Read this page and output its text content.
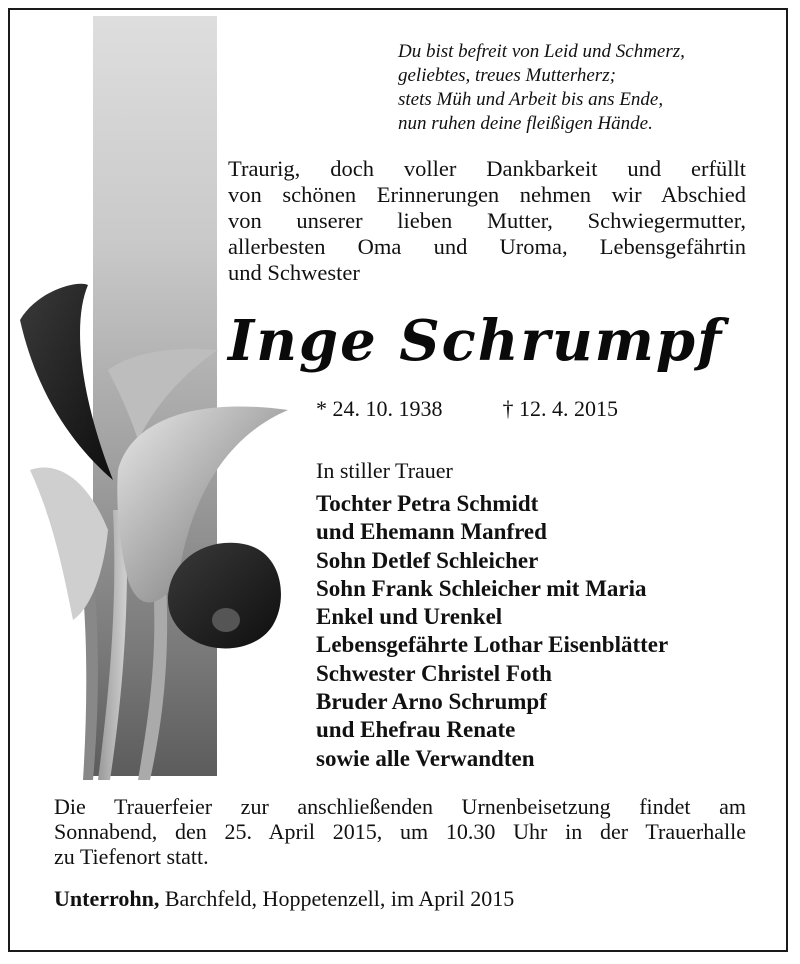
Du bist befreit von Leid und Schmerz,
geliebtes, treues Mutterherz;
stets Müh und Arbeit bis ans Ende,
nun ruhen deine fleißigen Hände.
Traurig, doch voller Dankbarkeit und erfüllt
von schönen Erinnerungen nehmen wir Abschied
von unserer lieben Mutter, Schwiegermutter,
allerbesten Oma und Uroma, Lebensgefährtin
und Schwester
Inge Schrumpf
* 24. 10. 1938	† 12. 4. 2015
In stiller Trauer
Tochter Petra Schmidt
und Ehemann Manfred
Sohn Detlef Schleicher
Sohn Frank Schleicher mit Maria
Enkel und Urenkel
Lebensgefährte Lothar Eisenblätter
Schwester Christel Foth
Bruder Arno Schrumpf
und Ehefrau Renate
sowie alle Verwandten
Die Trauerfeier zur anschließenden Urnenbeisetzung findet am
Sonnabend, den 25. April 2015, um 10.30 Uhr in der Trauerhalle
zu Tiefenort statt.
Unterrohn, Barchfeld, Hoppetenzell, im April 2015
